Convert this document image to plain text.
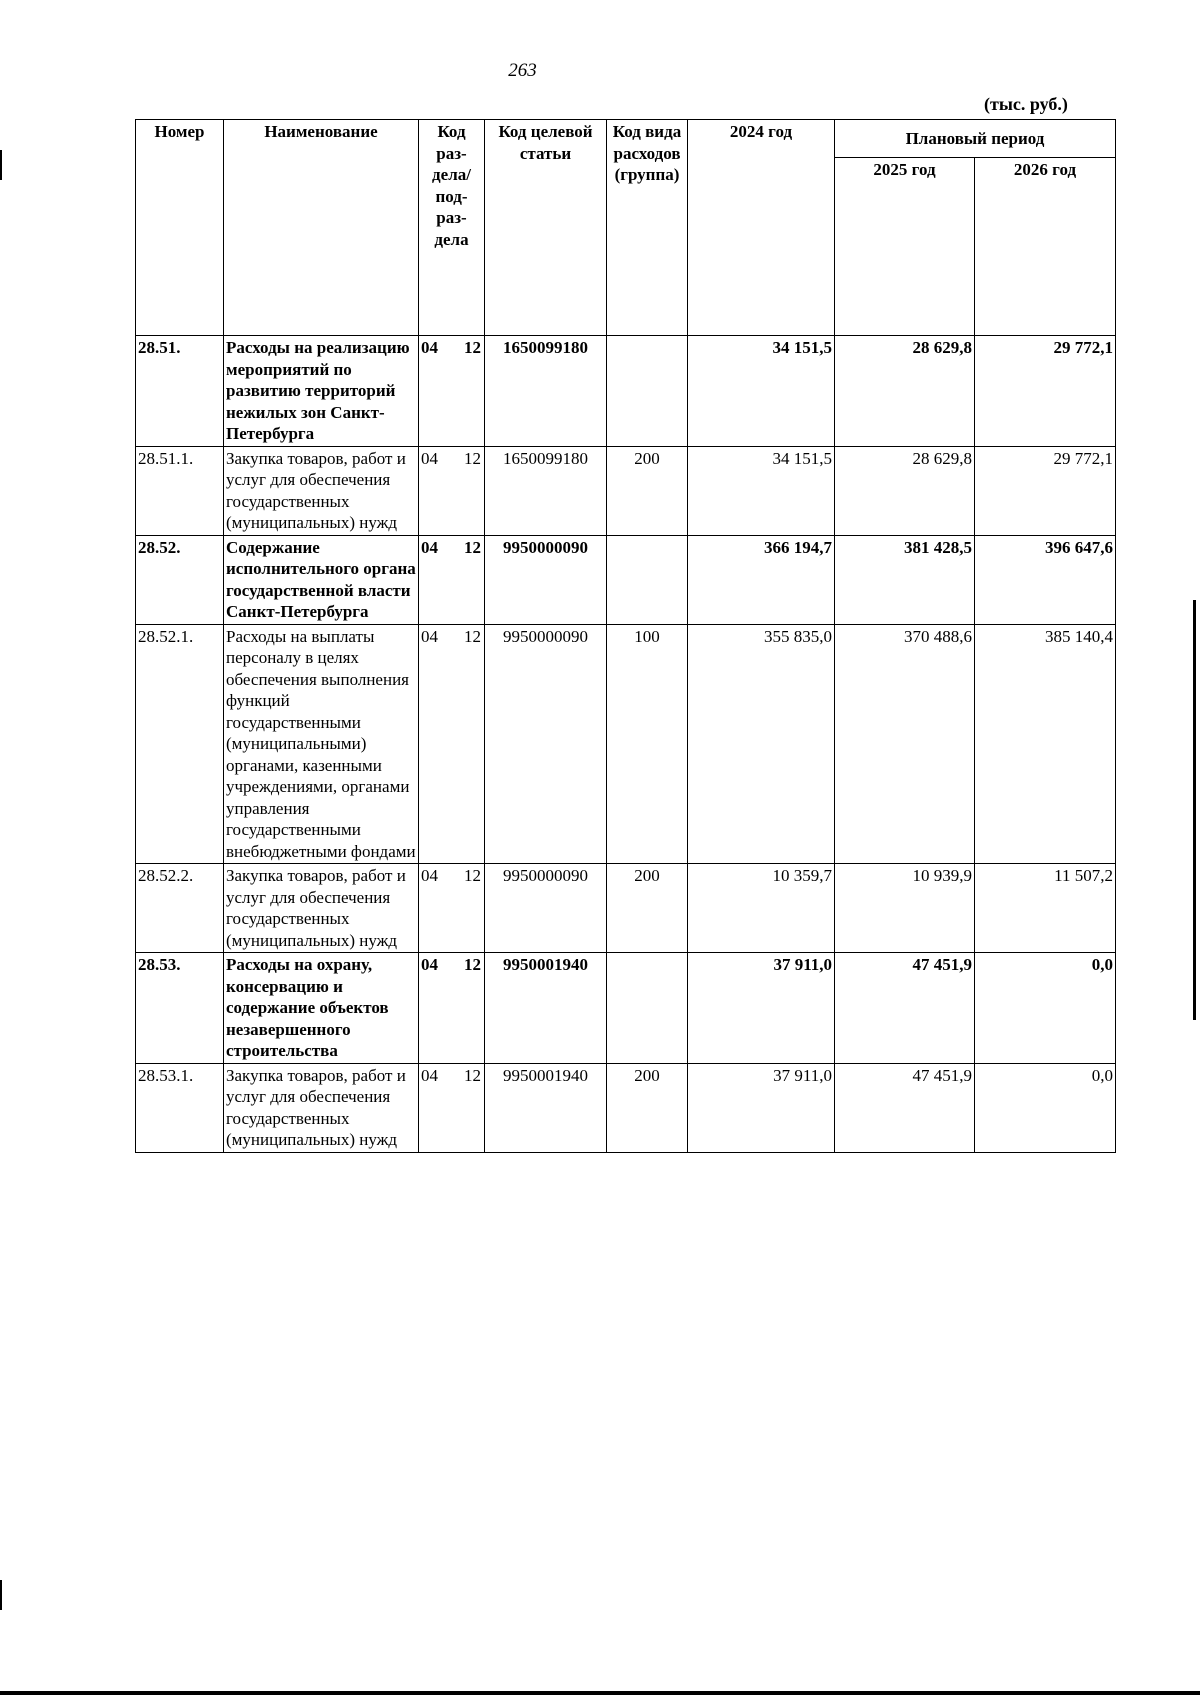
263
(тыс. руб.)
Номер	Наименование	Код раз-дела/ под-раз-дела	Код целевой статьи	Код вида расходов (группа)	2024 год	Плановый период	
						2025 год	2026 год
28.51.	Расходы на реализацию мероприятий по развитию территорий нежилых зон Санкт-Петербурга	04 12	1650099180		34 151,5	28 629,8	29 772,1
28.51.1.	Закупка товаров, работ и услуг для обеспечения государственных (муниципальных) нужд	04 12	1650099180	200	34 151,5	28 629,8	29 772,1
28.52.	Содержание исполнительного органа государственной власти Санкт-Петербурга	04 12	9950000090		366 194,7	381 428,5	396 647,6
28.52.1.	Расходы на выплаты персоналу в целях обеспечения выполнения функций государственными (муниципальными) органами, казенными учреждениями, органами управления государственными внебюджетными фондами	04 12	9950000090	100	355 835,0	370 488,6	385 140,4
28.52.2.	Закупка товаров, работ и услуг для обеспечения государственных (муниципальных) нужд	04 12	9950000090	200	10 359,7	10 939,9	11 507,2
28.53.	Расходы на охрану, консервацию и содержание объектов незавершенного строительства	04 12	9950001940		37 911,0	47 451,9	0,0
28.53.1.	Закупка товаров, работ и услуг для обеспечения государственных (муниципальных) нужд	04 12	9950001940	200	37 911,0	47 451,9	0,0
